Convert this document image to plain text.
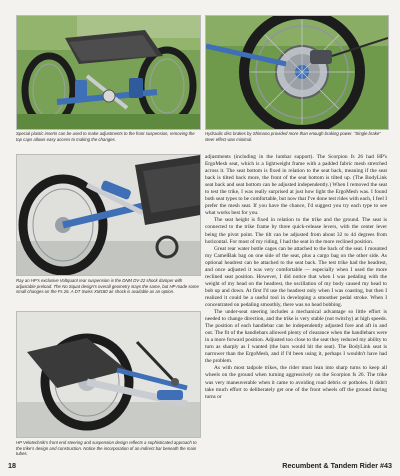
Special plastic inserts can be used to make adjustments to the front suspension, removing the top caps allows easy access to making the changes.

Hydraulic disc brakes by Shimano provided more than enough braking power. "Single brake" steer effect was minimal.

Ray an HP's exclusive Voltquant rear suspension is the DNM DV-22 shock damper with adjustable preload. The No Squat design's overall geometry stays the same, but HP made some small changes on the Fs 26. A DT Swiss XM180 air shock is available as an option.

HP Velotechnik's front end steering and suspension design reflects a sophisticated approach to the trike's design and construction. Notice the incorporation of an indirect bar beneath the main tubes.

adjustments (including in the lumbar support). The Scorpion fs 26 had HP's ErgoMesh seat, which is a lightweight frame with a padded fabric mesh stretched across it. The seat bottom is fixed in relation to the seat back, meaning if the seat back is tilted back more, the front of the seat bottom is tilted up. (The BodyLink seat back and seat bottom can be adjusted independently.) When I removed the seat to test the trike, I was really surprised at just how light the ErgoMesh was. I found both seat types to be comfortable, but now that I've done test rides with each, I feel I prefer the mesh seat. If you have the chance, I'd suggest you try each type to see what works best for you.

The seat height is fixed in relation to the trike and the ground. The seat is connected to the trike frame by three quick-release levers, with the center lever being the pivot point. The tilt can be adjusted from about 32 to 44 degrees from horizontal. For most of my riding, I had the seat in the more reclined position.

Great rear water bottle cages can be attached to the back of the seat. I mounted my CamelBak bag on one side of the seat, plus a cargo bag on the other side. As optional headrest can be attached to the seat back. The test trike had the headrest, and once adjusted it was very comfortable — especially when I used the more reclined seat position. However, I did notice that when I was pedaling with the weight of my head on the headrest, the oscillation of my body caused my head to bob up and down. At first I'd use the headrest only when I was coasting, but then I realized it could be a useful tool in developing a smoother pedal stroke. When I concentrated on pedaling smoothly, there was no head bobbing.

The under-seat steering includes a mechanical advantage so little effort is needed to change direction, and the trike is very stable (not twitchy) at high speeds. The position of each handlebar can be independently adjusted fore and aft in and out. The fit of the handlebars allowed plenty of clearance when the handlebars were in a more forward position. Adjusted too close to the seat they reduced my ability to turn as sharply as I wanted (the bars would hit the seat). The BodyLink seat is narrower than the ErgoMesh, and if I'd been using it, perhaps I wouldn't have had the problem.

As with most tadpole trikes, the rider must lean into sharp turns to keep all wheels on the ground when turning aggressively on the Scorpion fs 26. The trike was very maneuverable when it came to avoiding road debris or potholes. It didn't take much effort to deliberately get one of the front wheels off the ground during turns or

18	Recumbent & Tandem Rider #43
